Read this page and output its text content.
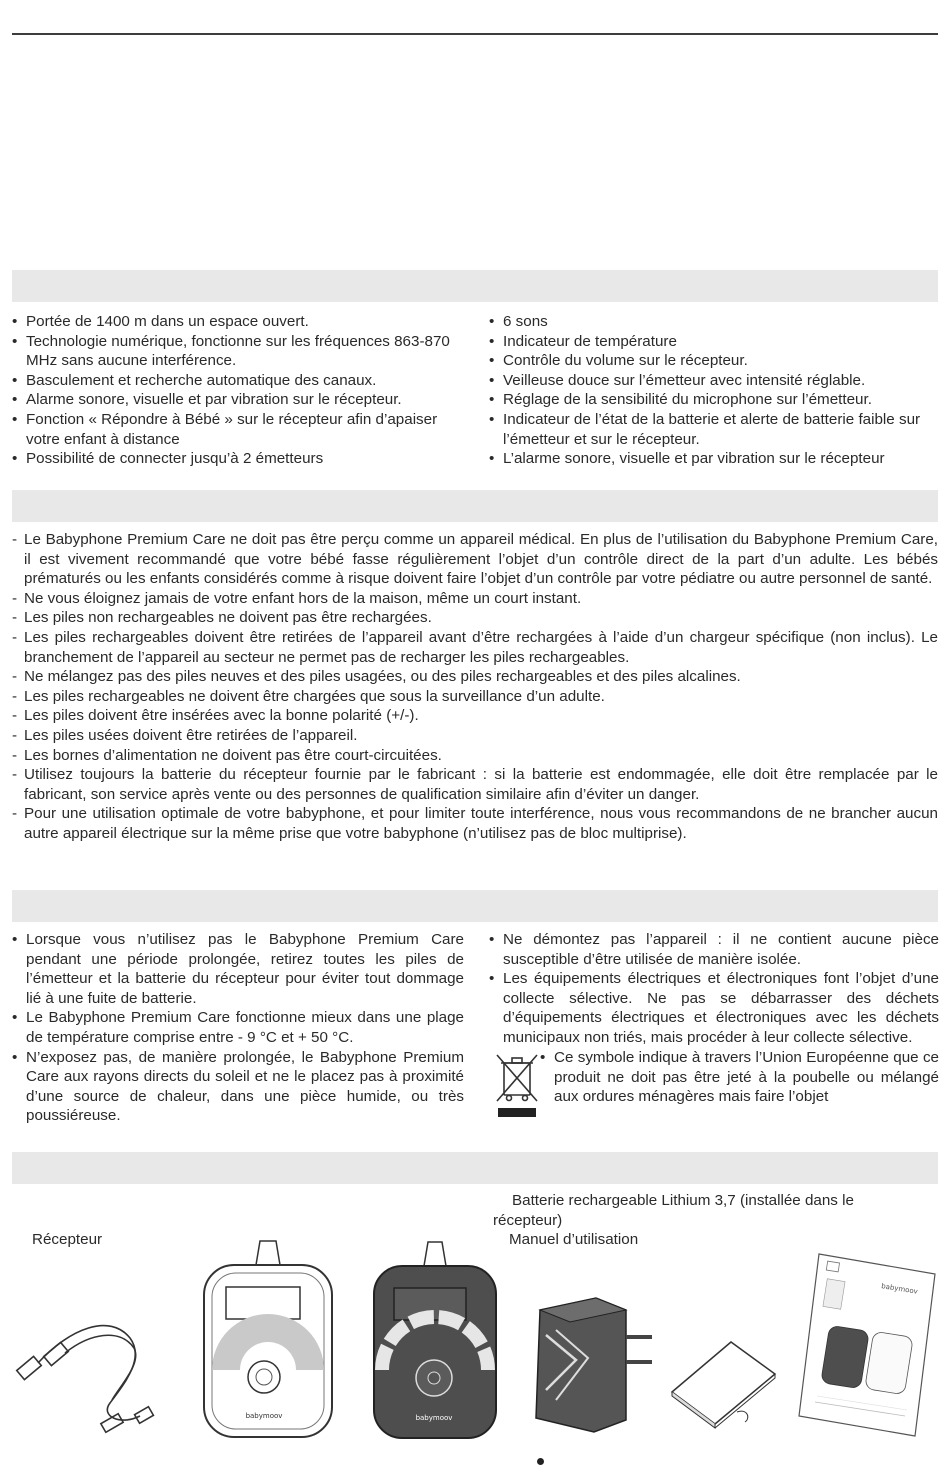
• Portée de 1400 m dans un espace ouvert.
• Technologie numérique, fonctionne sur les fréquences 863-870 MHz sans aucune interférence.
• Basculement et recherche automatique des canaux.
• Alarme sonore, visuelle et par vibration sur le récepteur.
• Fonction « Répondre à Bébé » sur le récepteur afin d’apaiser votre enfant à distance
• Possibilité de connecter jusqu’à 2 émetteurs
• 6 sons
• Indicateur de température
• Contrôle du volume sur le récepteur.
• Veilleuse douce sur l’émetteur avec intensité réglable.
• Réglage de la sensibilité du microphone sur l’émetteur.
• Indicateur de l’état de la batterie et alerte de batterie faible sur l’émetteur et sur le récepteur.
• L’alarme sonore, visuelle et par vibration sur le récepteur
- Le Babyphone Premium Care ne doit pas être perçu comme un appareil médical. En plus de l’utilisation du Babyphone Premium Care, il est vivement recommandé que votre bébé fasse régulièrement l’objet d’un contrôle direct de la part d’un adulte. Les bébés prématurés ou les enfants considérés comme à risque doivent faire l’objet d’un contrôle par votre pédiatre ou autre personnel de santé.
- Ne vous éloignez jamais de votre enfant hors de la maison, même un court instant.
- Les piles non rechargeables ne doivent pas être rechargées.
- Les piles rechargeables doivent être retirées de l’appareil avant d’être rechargées à l’aide d’un chargeur spécifique (non inclus). Le branchement de l’appareil au secteur ne permet pas de recharger les piles rechargeables.
- Ne mélangez pas des piles neuves et des piles usagées, ou des piles rechargeables et des piles alcalines.
- Les piles rechargeables ne doivent être chargées que sous la surveillance d’un adulte.
- Les piles doivent être insérées avec la bonne polarité (+/-).
- Les piles usées doivent être retirées de l’appareil.
- Les bornes d’alimentation ne doivent pas être court-circuitées.
- Utilisez toujours la batterie du récepteur fournie par le fabricant : si la batterie est endommagée, elle doit être remplacée par le fabricant, son service après vente ou des personnes de qualification similaire afin d’éviter un danger.
- Pour une utilisation optimale de votre babyphone, et pour limiter toute interférence, nous vous recommandons de ne brancher aucun autre appareil électrique sur la même prise que votre babyphone (n’utilisez pas de bloc multiprise).
• Lorsque vous n’utilisez pas le Babyphone Premium Care pendant une période prolongée, retirez toutes les piles de l’émetteur et la batterie du récepteur pour éviter tout dommage lié à une fuite de batterie.
• Le Babyphone Premium Care fonctionne mieux dans une plage de température comprise entre - 9 °C et + 50 °C.
• N’exposez pas, de manière prolongée, le Babyphone Premium Care aux rayons directs du soleil et ne le placez pas à proximité d’une source de chaleur, dans une pièce humide, ou très poussiéreuse.
• Ne démontez pas l’appareil : il ne contient aucune pièce susceptible d’être utilisée de manière isolée.
• Les équipements électriques et électroniques font l’objet d’une collecte sélective. Ne pas se débarrasser des déchets d’équipements électriques et électroniques avec les déchets municipaux non triés, mais procéder à leur collecte sélective.
• Ce symbole indique à travers l’Union Européenne que ce produit ne doit pas être jeté à la poubelle ou mélangé aux ordures ménagères mais faire l’objet
Récepteur
Batterie rechargeable Lithium 3,7 (installée dans le récepteur)
Manuel d’utilisation
babymoov	babymoov
babymoov
